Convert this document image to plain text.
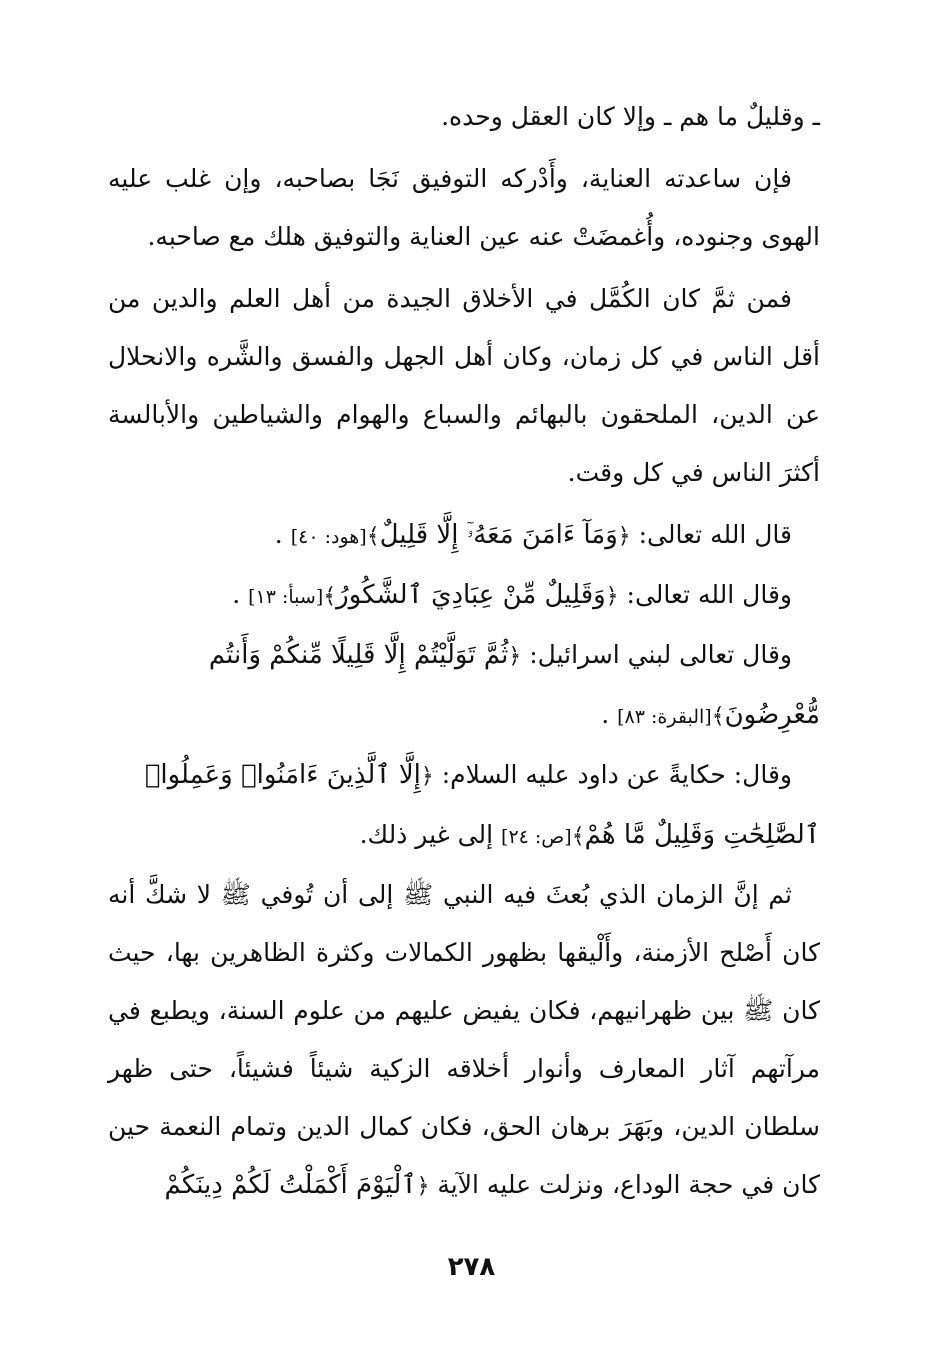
ـ وقليلٌ ما هم ـ وإلا كان العقل وحده.

فإن ساعدته العناية، وأَدْركه التوفيق نَجَا بصاحبه، وإن غلب عليه الهوى وجنوده، وأُغمضَتْ عنه عين العناية والتوفيق هلك مع صاحبه.

فمن ثمَّ كان الكُمَّل في الأخلاق الجيدة من أهل العلم والدين من أقل الناس في كل زمان، وكان أهل الجهل والفسق والشَّره والانحلال عن الدين، الملحقون بالبهائم والسباع والهوام والشياطين والأبالسة أكثرَ الناس في كل وقت.

قال الله تعالى: ﴿وَمَآ ءَامَنَ مَعَهُۥٓ إِلَّا قَلِيلٌ﴾[هود: ٤٠] .

وقال الله تعالى: ﴿وَقَلِيلٌ مِّنْ عِبَادِيَ ٱلشَّكُورُ﴾[سبأ: ١٣] .

وقال تعالى لبني اسرائيل: ﴿ثُمَّ تَوَلَّيْتُمْ إِلَّا قَلِيلًا مِّنكُمْ وَأَنتُم مُّعْرِضُونَ﴾[البقرة: ٨٣] .

وقال: حكايةً عن داود عليه السلام: ﴿إِلَّا ٱلَّذِينَ ءَامَنُوا۟ وَعَمِلُوا۟ ٱلصَّٰلِحَٰتِ وَقَلِيلٌ مَّا هُمْ﴾[ص: ٢٤] إلى غير ذلك.

ثم إنَّ الزمان الذي بُعثَ فيه النبي ﷺ إلى أن تُوفي ﷺ لا شكَّ أنه كان أَصْلح الأزمنة، وأَلْيقها بظهور الكمالات وكثرة الظاهرين بها، حيث كان ﷺ بين ظهرانيهم، فكان يفيض عليهم من علوم السنة، ويطبع في مرآتهم آثار المعارف وأنوار أخلاقه الزكية شيئاً فشيئاً، حتى ظهر سلطان الدين، وبَهَرَ برهان الحق، فكان كمال الدين وتمام النعمة حين كان في حجة الوداع، ونزلت عليه الآية ﴿ٱلْيَوْمَ أَكْمَلْتُ لَكُمْ دِينَكُمْ

٢٧٨
